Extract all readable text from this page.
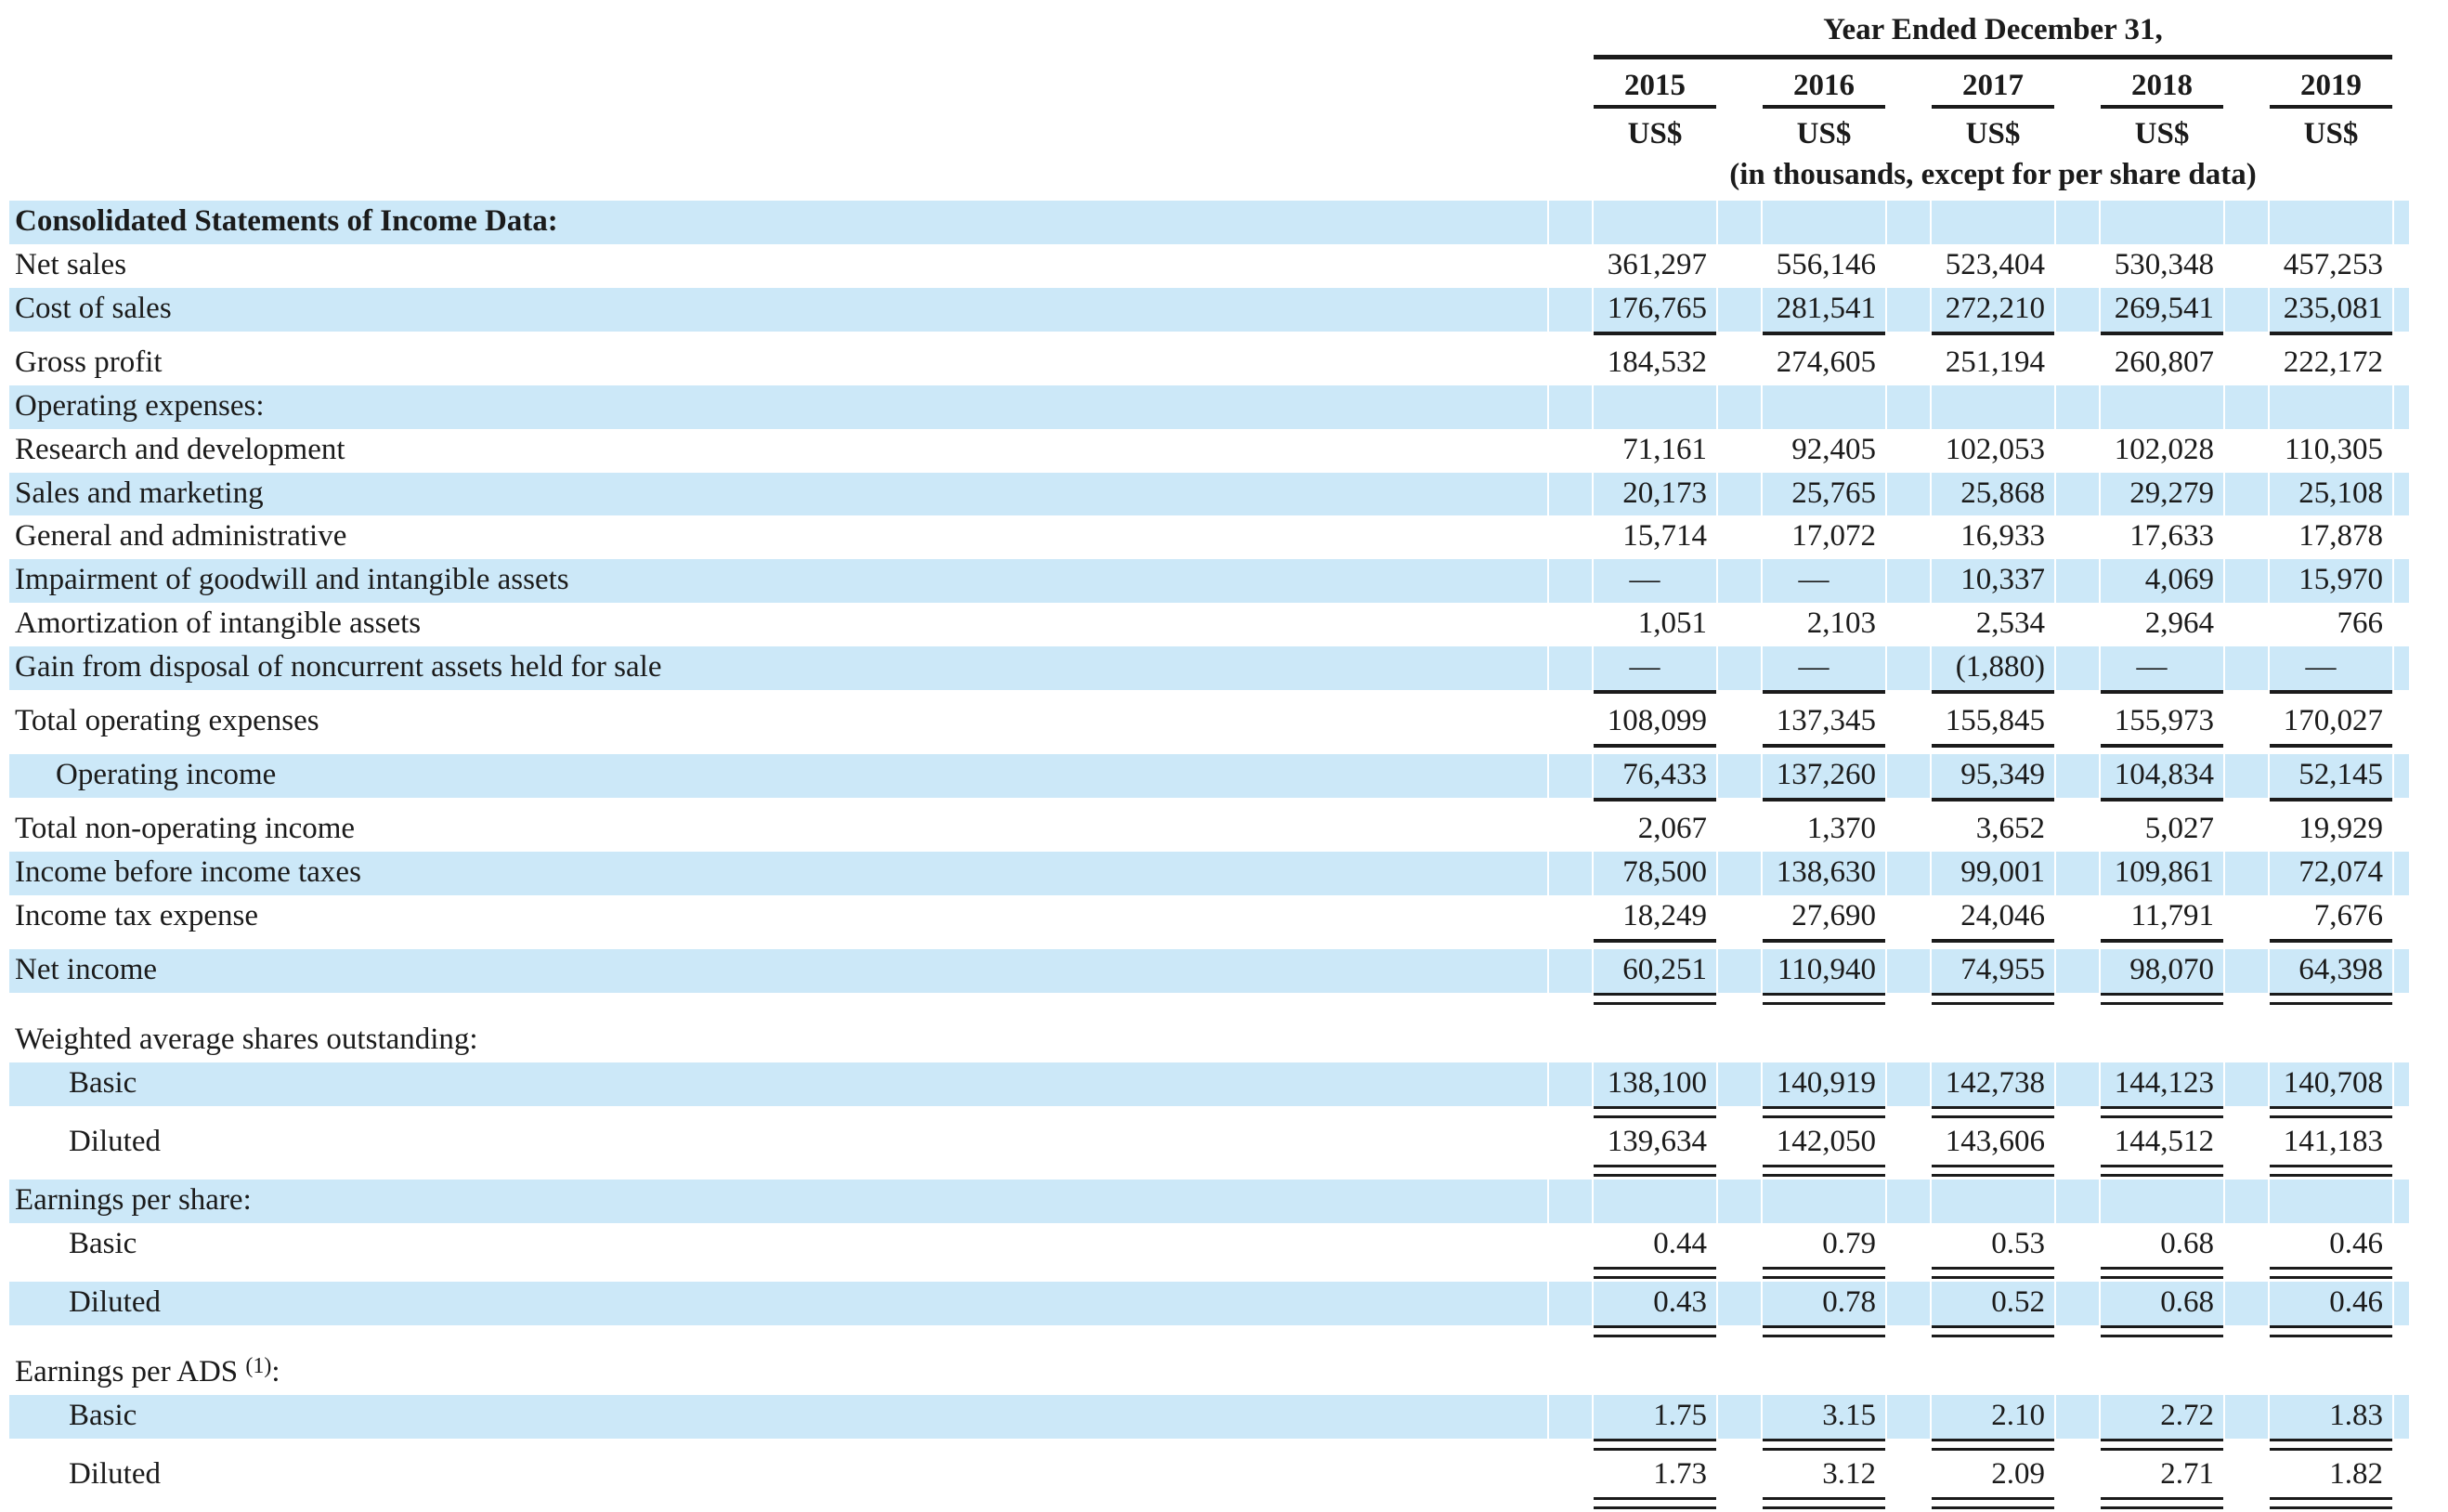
		Year Ended December 31,									
		2015		2016		2017		2018		2019	
		US$		US$		US$		US$		US$	
		(in thousands, except for per share data)									
Consolidated Statements of Income Data:											
Net sales		361,297		556,146		523,404		530,348		457,253	
Cost of sales		176,765		281,541		272,210		269,541		235,081	

Gross profit		184,532		274,605		251,194		260,807		222,172	
Operating expenses:											
Research and development		71,161		92,405		102,053		102,028		110,305	
Sales and marketing		20,173		25,765		25,868		29,279		25,108	
General and administrative		15,714		17,072		16,933		17,633		17,878	
Impairment of goodwill and intangible assets		—		—		10,337		4,069		15,970	
Amortization of intangible assets		1,051		2,103		2,534		2,964		766	
Gain from disposal of noncurrent assets held for sale		—		—		(1,880)		—		—	

Total operating expenses		108,099		137,345		155,845		155,973		170,027	

Operating income		76,433		137,260		95,349		104,834		52,145	

Total non-operating income		2,067		1,370		3,652		5,027		19,929	
Income before income taxes		78,500		138,630		99,001		109,861		72,074	
Income tax expense		18,249		27,690		24,046		11,791		7,676	

Net income		60,251		110,940		74,955		98,070		64,398	

Weighted average shares outstanding:											
Basic		138,100		140,919		142,738		144,123		140,708	

Diluted		139,634		142,050		143,606		144,512		141,183	

Earnings per share:											
Basic		0.44		0.79		0.53		0.68		0.46	

Diluted		0.43		0.78		0.52		0.68		0.46	

Earnings per ADS $^{(1)}$:											
Basic		1.75		3.15		2.10		2.72		1.83	

Diluted		1.73		3.12		2.09		2.71		1.82	
